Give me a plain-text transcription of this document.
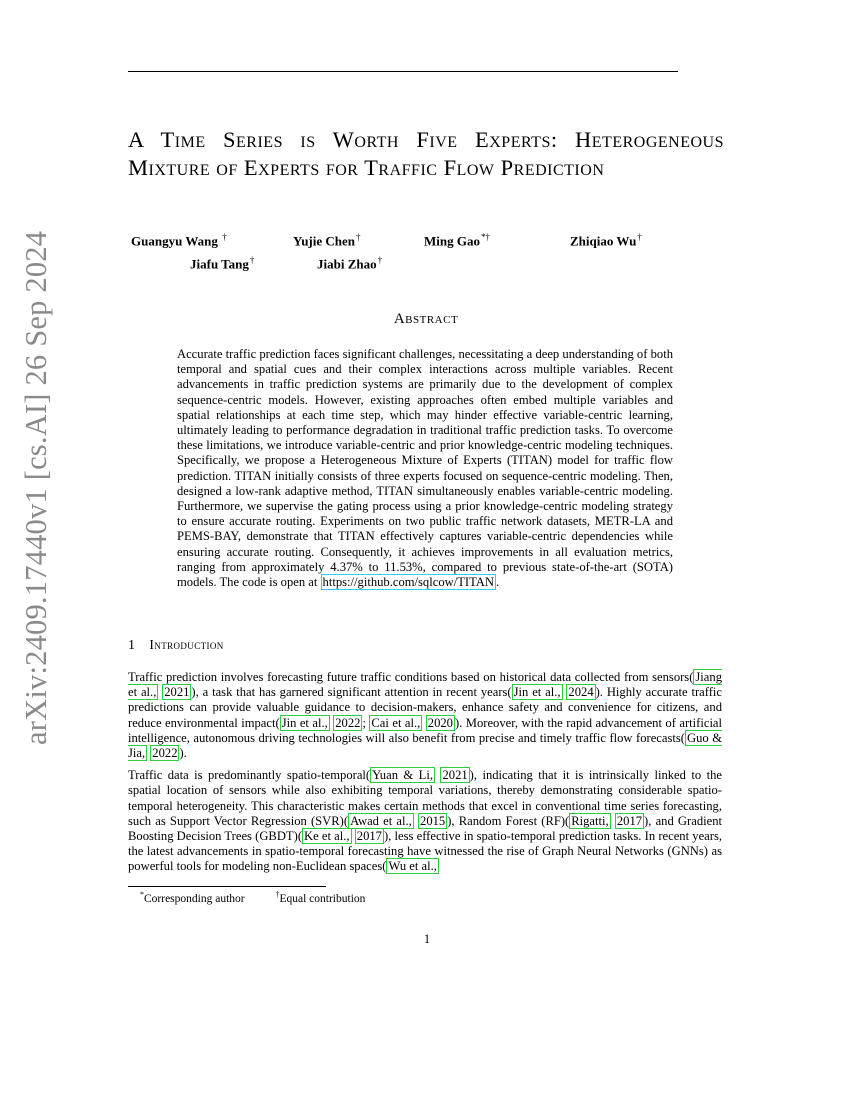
arXiv:2409.17440v1 [cs.AI] 26 Sep 2024
A Time Series is Worth Five Experts: Heterogeneous Mixture of Experts for Traffic Flow Prediction
Guangyu Wang †	Yujie Chen†	Ming Gao*†	Zhiqiao Wu†
Jiafu Tang†	Jiabi Zhao†
Abstract
Accurate traffic prediction faces significant challenges, necessitating a deep understanding of both temporal and spatial cues and their complex interactions across multiple variables. Recent advancements in traffic prediction systems are primarily due to the development of complex sequence-centric models. However, existing approaches often embed multiple variables and spatial relationships at each time step, which may hinder effective variable-centric learning, ultimately leading to performance degradation in traditional traffic prediction tasks. To overcome these limitations, we introduce variable-centric and prior knowledge-centric modeling techniques. Specifically, we propose a Heterogeneous Mixture of Experts (TITAN) model for traffic flow prediction. TITAN initially consists of three experts focused on sequence-centric modeling. Then, designed a low-rank adaptive method, TITAN simultaneously enables variable-centric modeling. Furthermore, we supervise the gating process using a prior knowledge-centric modeling strategy to ensure accurate routing. Experiments on two public traffic network datasets, METR-LA and PEMS-BAY, demonstrate that TITAN effectively captures variable-centric dependencies while ensuring accurate routing. Consequently, it achieves improvements in all evaluation metrics, ranging from approximately 4.37% to 11.53%, compared to previous state-of-the-art (SOTA) models. The code is open at https://github.com/sqlcow/TITAN .
1 Introduction

Traffic prediction involves forecasting future traffic conditions based on historical data collected from sensors( Jiang et al., 2021 ), a task that has garnered significant attention in recent years( Jin et al., 2024 ). Highly accurate traffic predictions can provide valuable guidance to decision-makers, enhance safety and convenience for citizens, and reduce environmental impact( Jin et al., 2022 ; Cai et al., 2020 ). Moreover, with the rapid advancement of artificial intelligence, autonomous driving technologies will also benefit from precise and timely traffic flow forecasts( Guo & Jia, 2022 ).

Traffic data is predominantly spatio-temporal( Yuan & Li, 2021 ), indicating that it is intrinsically linked to the spatial location of sensors while also exhibiting temporal variations, thereby demonstrating considerable spatio-temporal heterogeneity. This characteristic makes certain methods that excel in conventional time series forecasting, such as Support Vector Regression (SVR)( Awad et al., 2015 ), Random Forest (RF)( Rigatti, 2017 ), and Gradient Boosting Decision Trees (GBDT)( Ke et al., 2017 ), less effective in spatio-temporal prediction tasks. In recent years, the latest advancements in spatio-temporal forecasting have witnessed the rise of Graph Neural Networks (GNNs) as powerful tools for modeling non-Euclidean spaces( Wu et al.,

*Corresponding author	†Equal contribution
1
